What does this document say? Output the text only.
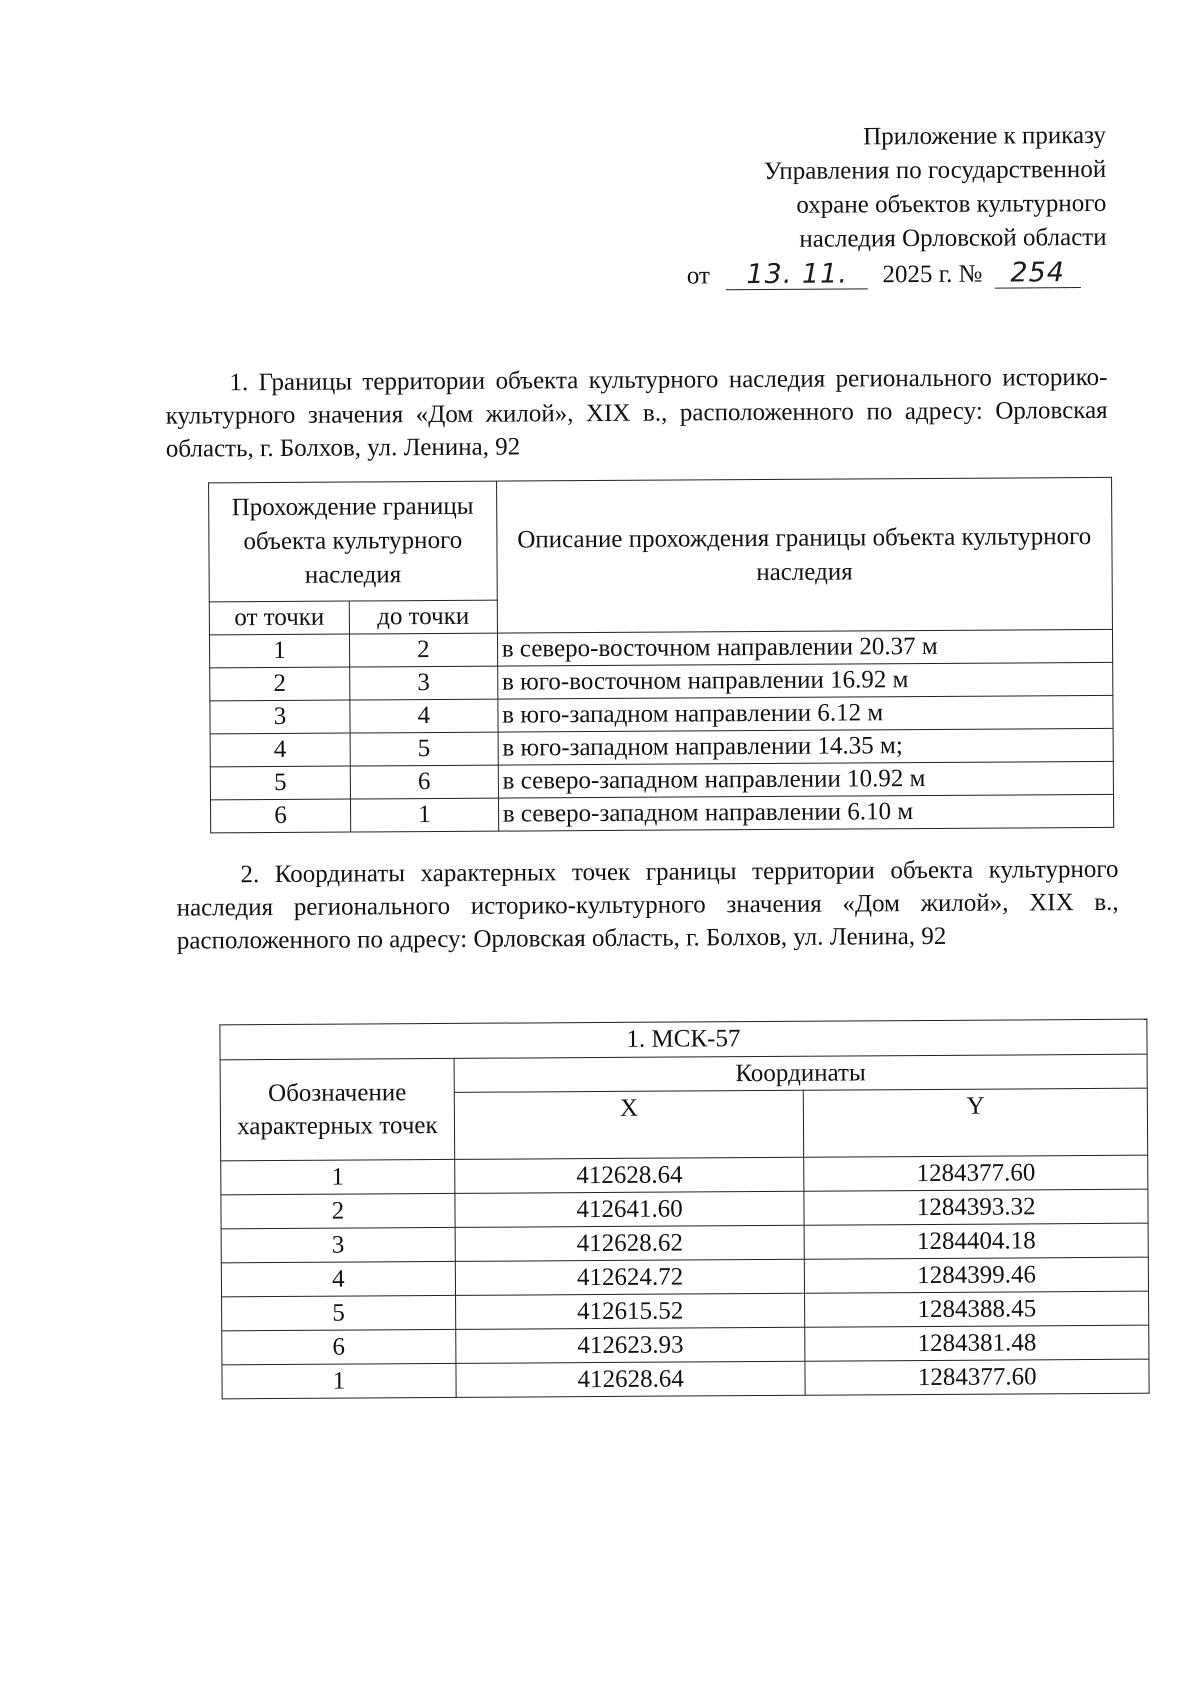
Приложение к приказу
Управления по государственной
охране объектов культурного
наследия Орловской области
от 13. 11. 2025 г. № 254
1. Границы территории объекта культурного наследия регионального историко-культурного значения «Дом жилой», XIX в., расположенного по адресу: Орловская область, г. Болхов, ул. Ленина, 92
Прохождение границы объекта культурного наследия		Описание прохождения границы объекта культурного наследия
от точки	до точки	
1	2	в северо-восточном направлении 20.37 м
2	3	в юго-восточном направлении 16.92 м
3	4	в юго-западном направлении 6.12 м
4	5	в юго-западном направлении 14.35 м;
5	6	в северо-западном направлении 10.92 м
6	1	в северо-западном направлении 6.10 м
2. Координаты характерных точек границы территории объекта культурного наследия регионального историко-культурного значения «Дом жилой», XIX в., расположенного по адресу: Орловская область, г. Болхов, ул. Ленина, 92
1. МСК-57		
Обозначение характерных точек	Координаты	
	X	Y
1	412628.64	1284377.60
2	412641.60	1284393.32
3	412628.62	1284404.18
4	412624.72	1284399.46
5	412615.52	1284388.45
6	412623.93	1284381.48
1	412628.64	1284377.60
